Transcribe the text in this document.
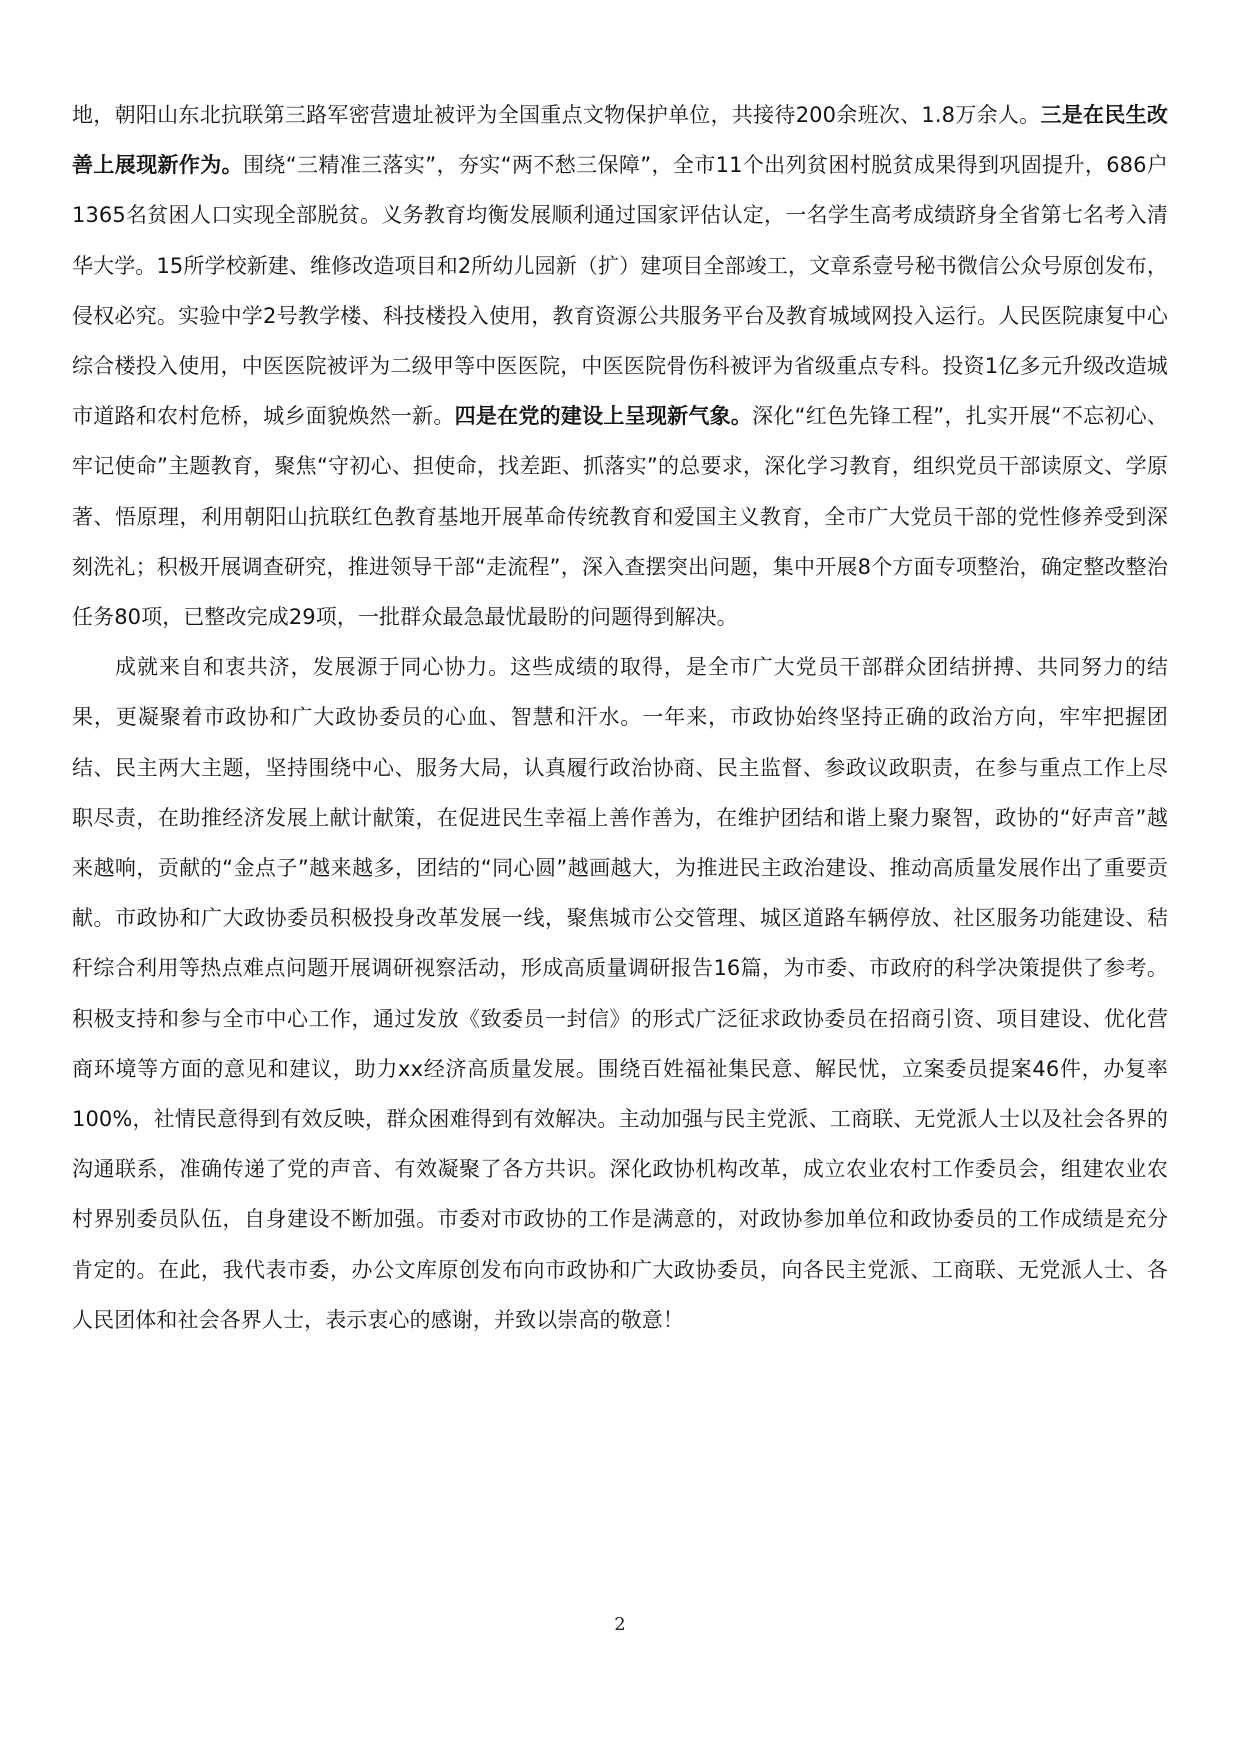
地，朝阳山东北抗联第三路军密营遗址被评为全国重点文物保护单位，共接待200余班次、1.8万余人。三是在民生改善上展现新作为。围绕“三精准三落实”，夯实“两不愁三保障”，全市11个出列贫困村脱贫成果得到巩固提升，686户1365名贫困人口实现全部脱贫。义务教育均衡发展顺利通过国家评估认定，一名学生高考成绩跻身全省第七名考入清华大学。15所学校新建、维修改造项目和2所幼儿园新（扩）建项目全部竣工，文章系壹号秘书微信公众号原创发布，侵权必究。实验中学2号教学楼、科技楼投入使用，教育资源公共服务平台及教育城域网投入运行。人民医院康复中心综合楼投入使用，中医医院被评为二级甲等中医医院，中医医院骨伤科被评为省级重点专科。投资1亿多元升级改造城市道路和农村危桥，城乡面貌焕然一新。四是在党的建设上呈现新气象。深化“红色先锋工程”，扎实开展“不忘初心、牢记使命”主题教育，聚焦“守初心、担使命，找差距、抓落实”的总要求，深化学习教育，组织党员干部读原文、学原著、悟原理，利用朝阳山抗联红色教育基地开展革命传统教育和爱国主义教育，全市广大党员干部的党性修养受到深刻洗礼；积极开展调查研究，推进领导干部“走流程”，深入查摆突出问题，集中开展8个方面专项整治，确定整改整治任务80项，已整改完成29项，一批群众最急最忧最盼的问题得到解决。

成就来自和衷共济，发展源于同心协力。这些成绩的取得，是全市广大党员干部群众团结拼搏、共同努力的结果，更凝聚着市政协和广大政协委员的心血、智慧和汗水。一年来，市政协始终坚持正确的政治方向，牢牢把握团结、民主两大主题，坚持围绕中心、服务大局，认真履行政治协商、民主监督、参政议政职责，在参与重点工作上尽职尽责，在助推经济发展上献计献策，在促进民生幸福上善作善为，在维护团结和谐上聚力聚智，政协的“好声音”越来越响，贡献的“金点子”越来越多，团结的“同心圆”越画越大，为推进民主政治建设、推动高质量发展作出了重要贡献。市政协和广大政协委员积极投身改革发展一线，聚焦城市公交管理、城区道路车辆停放、社区服务功能建设、秸秆综合利用等热点难点问题开展调研视察活动，形成高质量调研报告16篇，为市委、市政府的科学决策提供了参考。积极支持和参与全市中心工作，通过发放《致委员一封信》的形式广泛征求政协委员在招商引资、项目建设、优化营商环境等方面的意见和建议，助力xx经济高质量发展。围绕百姓福祉集民意、解民忧，立案委员提案46件，办复率100%，社情民意得到有效反映，群众困难得到有效解决。主动加强与民主党派、工商联、无党派人士以及社会各界的沟通联系，准确传递了党的声音、有效凝聚了各方共识。深化政协机构改革，成立农业农村工作委员会，组建农业农村界别委员队伍，自身建设不断加强。市委对市政协的工作是满意的，对政协参加单位和政协委员的工作成绩是充分肯定的。在此，我代表市委，办公文库原创发布向市政协和广大政协委员，向各民主党派、工商联、无党派人士、各人民团体和社会各界人士，表示衷心的感谢，并致以崇高的敬意！

2
